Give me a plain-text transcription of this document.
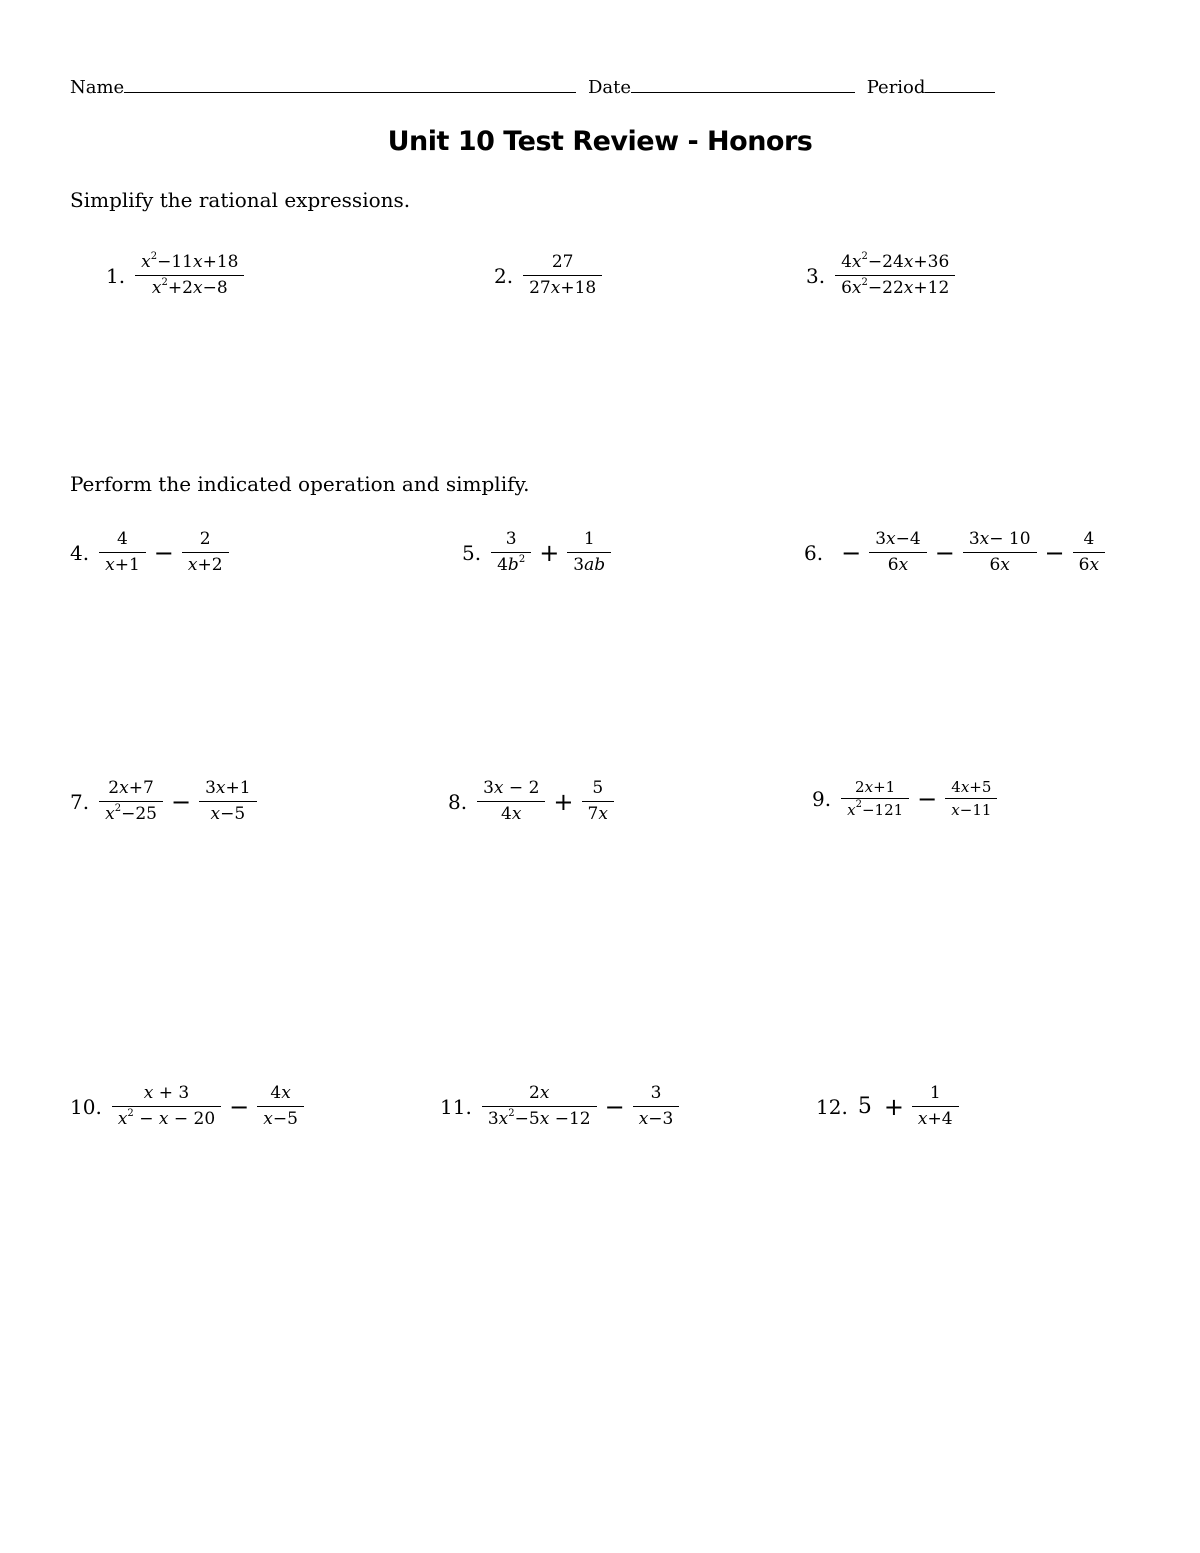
Name	Date	Period
Unit 10 Test Review - Honors
Simplify the rational expressions.
Perform the indicated operation and simplify.
1. $\frac{x^2-11x+18}{x^2+2x-8}$	2. $\frac{27}{27x+18}$	3. $\frac{4x^2-24x+36}{6x^2-22x+12}$
4. $\frac{4}{x+1} - \frac{2}{x+2}$	5. $\frac{3}{4b^2} + \frac{1}{3ab}$	6. − $\frac{3x-4}{6x} - \frac{3x- 10}{6x} - \frac{4}{6x}$
7. $\frac{2x+7}{x^2-25} - \frac{3x+1}{x-5}$	8. $\frac{3x - 2}{4x} + \frac{5}{7x}$	9. $\frac{2x+1}{x^2-121} - \frac{4x+5}{x-11}$
10. $\frac{x + 3}{x^2 - x - 20} - \frac{4x}{x-5}$	11. $\frac{2x}{3x^2-5x -12} - \frac{3}{x-3}$	12. $5 + \frac{1}{x+4}$
